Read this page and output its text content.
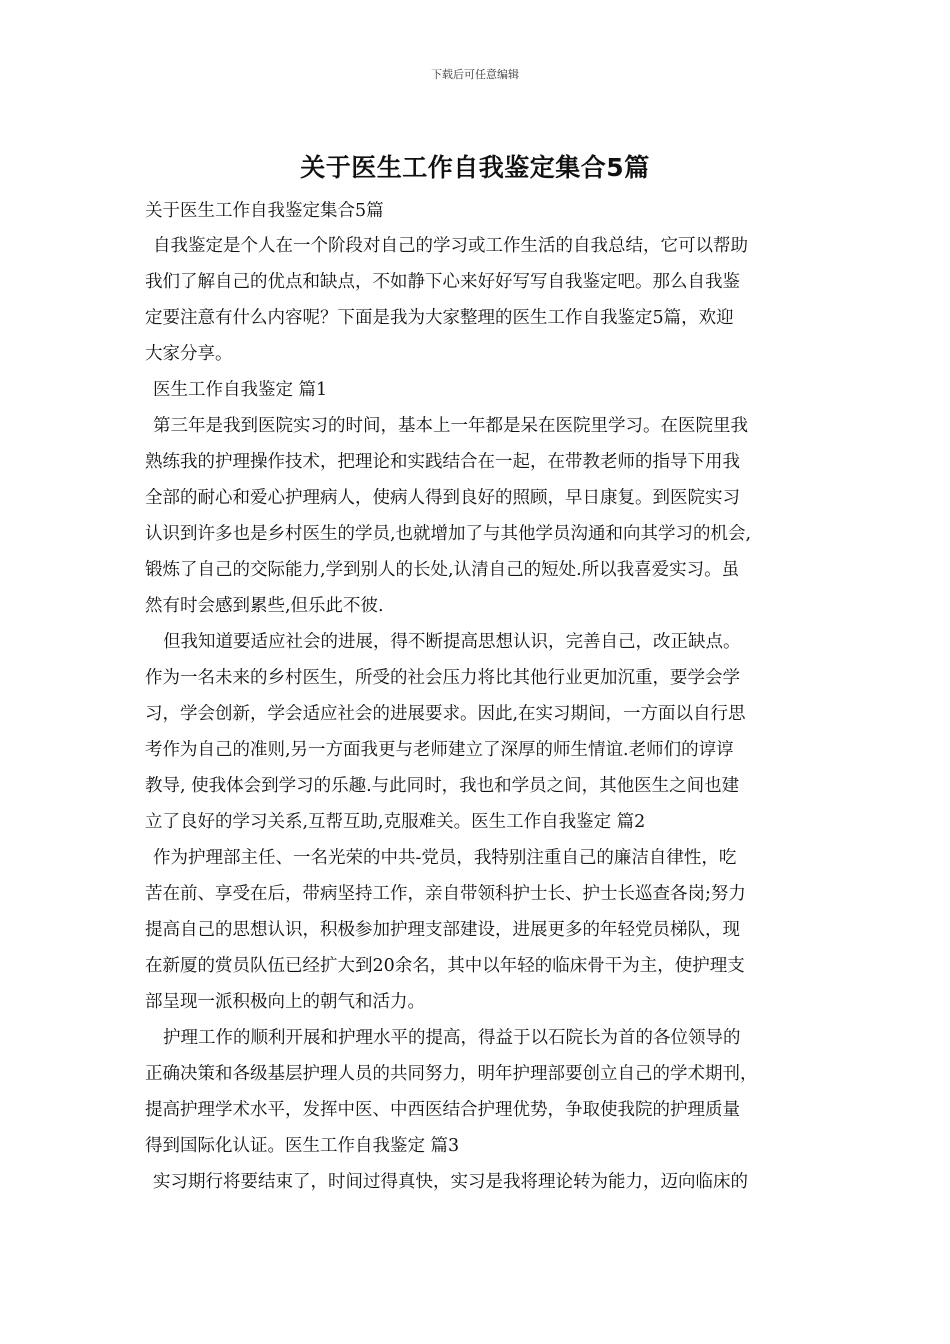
下载后可任意编辑
关于医生工作自我鉴定集合5篇
关于医生工作自我鉴定集合5篇
自我鉴定是个人在一个阶段对自己的学习或工作生活的自我总结，它可以帮助
我们了解自己的优点和缺点，不如静下心来好好写写自我鉴定吧。那么自我鉴
定要注意有什么内容呢？下面是我为大家整理的医生工作自我鉴定5篇，欢迎
大家分享。
医生工作自我鉴定 篇1
第三年是我到医院实习的时间，基本上一年都是呆在医院里学习。在医院里我
熟练我的护理操作技术，把理论和实践结合在一起，在带教老师的指导下用我
全部的耐心和爱心护理病人，使病人得到良好的照顾，早日康复。到医院实习
认识到许多也是乡村医生的学员,也就增加了与其他学员沟通和向其学习的机会,
锻炼了自己的交际能力,学到别人的长处,认清自己的短处.所以我喜爱实习。虽
然有时会感到累些,但乐此不彼.
但我知道要适应社会的进展，得不断提高思想认识，完善自己，改正缺点。
作为一名未来的乡村医生，所受的社会压力将比其他行业更加沉重，要学会学
习，学会创新，学会适应社会的进展要求。因此,在实习期间，一方面以自行思
考作为自己的准则,另一方面我更与老师建立了深厚的师生情谊.老师们的谆谆
教导, 使我体会到学习的乐趣.与此同时，我也和学员之间，其他医生之间也建
立了良好的学习关系,互帮互助,克服难关。医生工作自我鉴定 篇2
作为护理部主任、一名光荣的中共-党员，我特别注重自己的廉洁自律性，吃
苦在前、享受在后，带病坚持工作，亲自带领科护士长、护士长巡查各岗;努力
提高自己的思想认识，积极参加护理支部建设，进展更多的年轻党员梯队，现
在新厦的赏员队伍已经扩大到20余名，其中以年轻的临床骨干为主，使护理支
部呈现一派积极向上的朝气和活力。
护理工作的顺利开展和护理水平的提高，得益于以石院长为首的各位领导的
正确决策和各级基层护理人员的共同努力，明年护理部要创立自己的学术期刊，
提高护理学术水平，发挥中医、中西医结合护理优势，争取使我院的护理质量
得到国际化认证。医生工作自我鉴定 篇3
实习期行将要结束了，时间过得真快，实习是我将理论转为能力，迈向临床的
